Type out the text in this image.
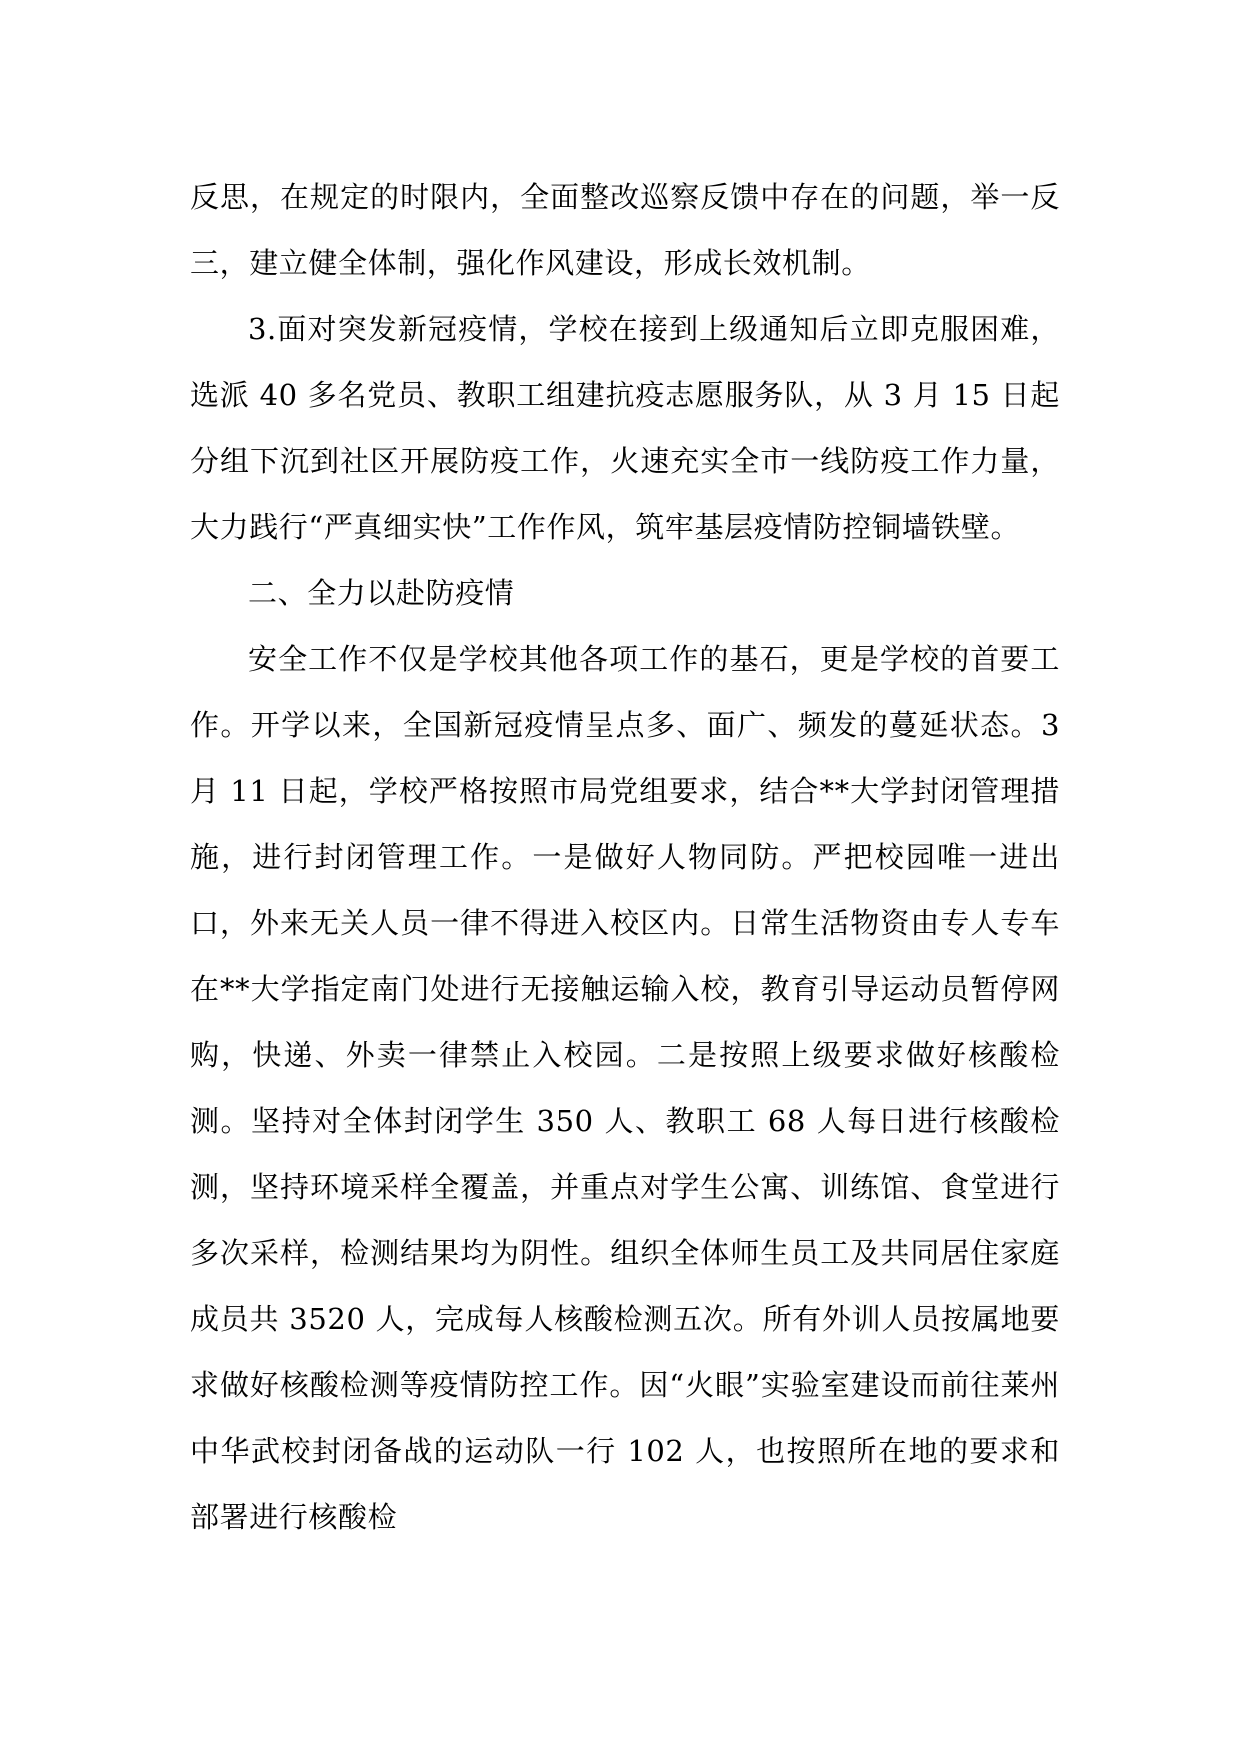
反思，在规定的时限内，全面整改巡察反馈中存在的问题，举一反三，建立健全体制，强化作风建设，形成长效机制。

3.面对突发新冠疫情，学校在接到上级通知后立即克服困难，选派 40 多名党员、教职工组建抗疫志愿服务队，从 3 月 15 日起分组下沉到社区开展防疫工作，火速充实全市一线防疫工作力量，大力践行“严真细实快”工作作风，筑牢基层疫情防控铜墙铁壁。

二、全力以赴防疫情

安全工作不仅是学校其他各项工作的基石，更是学校的首要工作。开学以来，全国新冠疫情呈点多、面广、频发的蔓延状态。3 月 11 日起，学校严格按照市局党组要求，结合**大学封闭管理措施，进行封闭管理工作。一是做好人物同防。严把校园唯一进出口，外来无关人员一律不得进入校区内。日常生活物资由专人专车在**大学指定南门处进行无接触运输入校，教育引导运动员暂停网购，快递、外卖一律禁止入校园。二是按照上级要求做好核酸检测。坚持对全体封闭学生 350 人、教职工 68 人每日进行核酸检测，坚持环境采样全覆盖，并重点对学生公寓、训练馆、食堂进行多次采样，检测结果均为阴性。组织全体师生员工及共同居住家庭成员共 3520 人，完成每人核酸检测五次。所有外训人员按属地要求做好核酸检测等疫情防控工作。因“火眼”实验室建设而前往莱州中华武校封闭备战的运动队一行 102 人，也按照所在地的要求和部署进行核酸检
